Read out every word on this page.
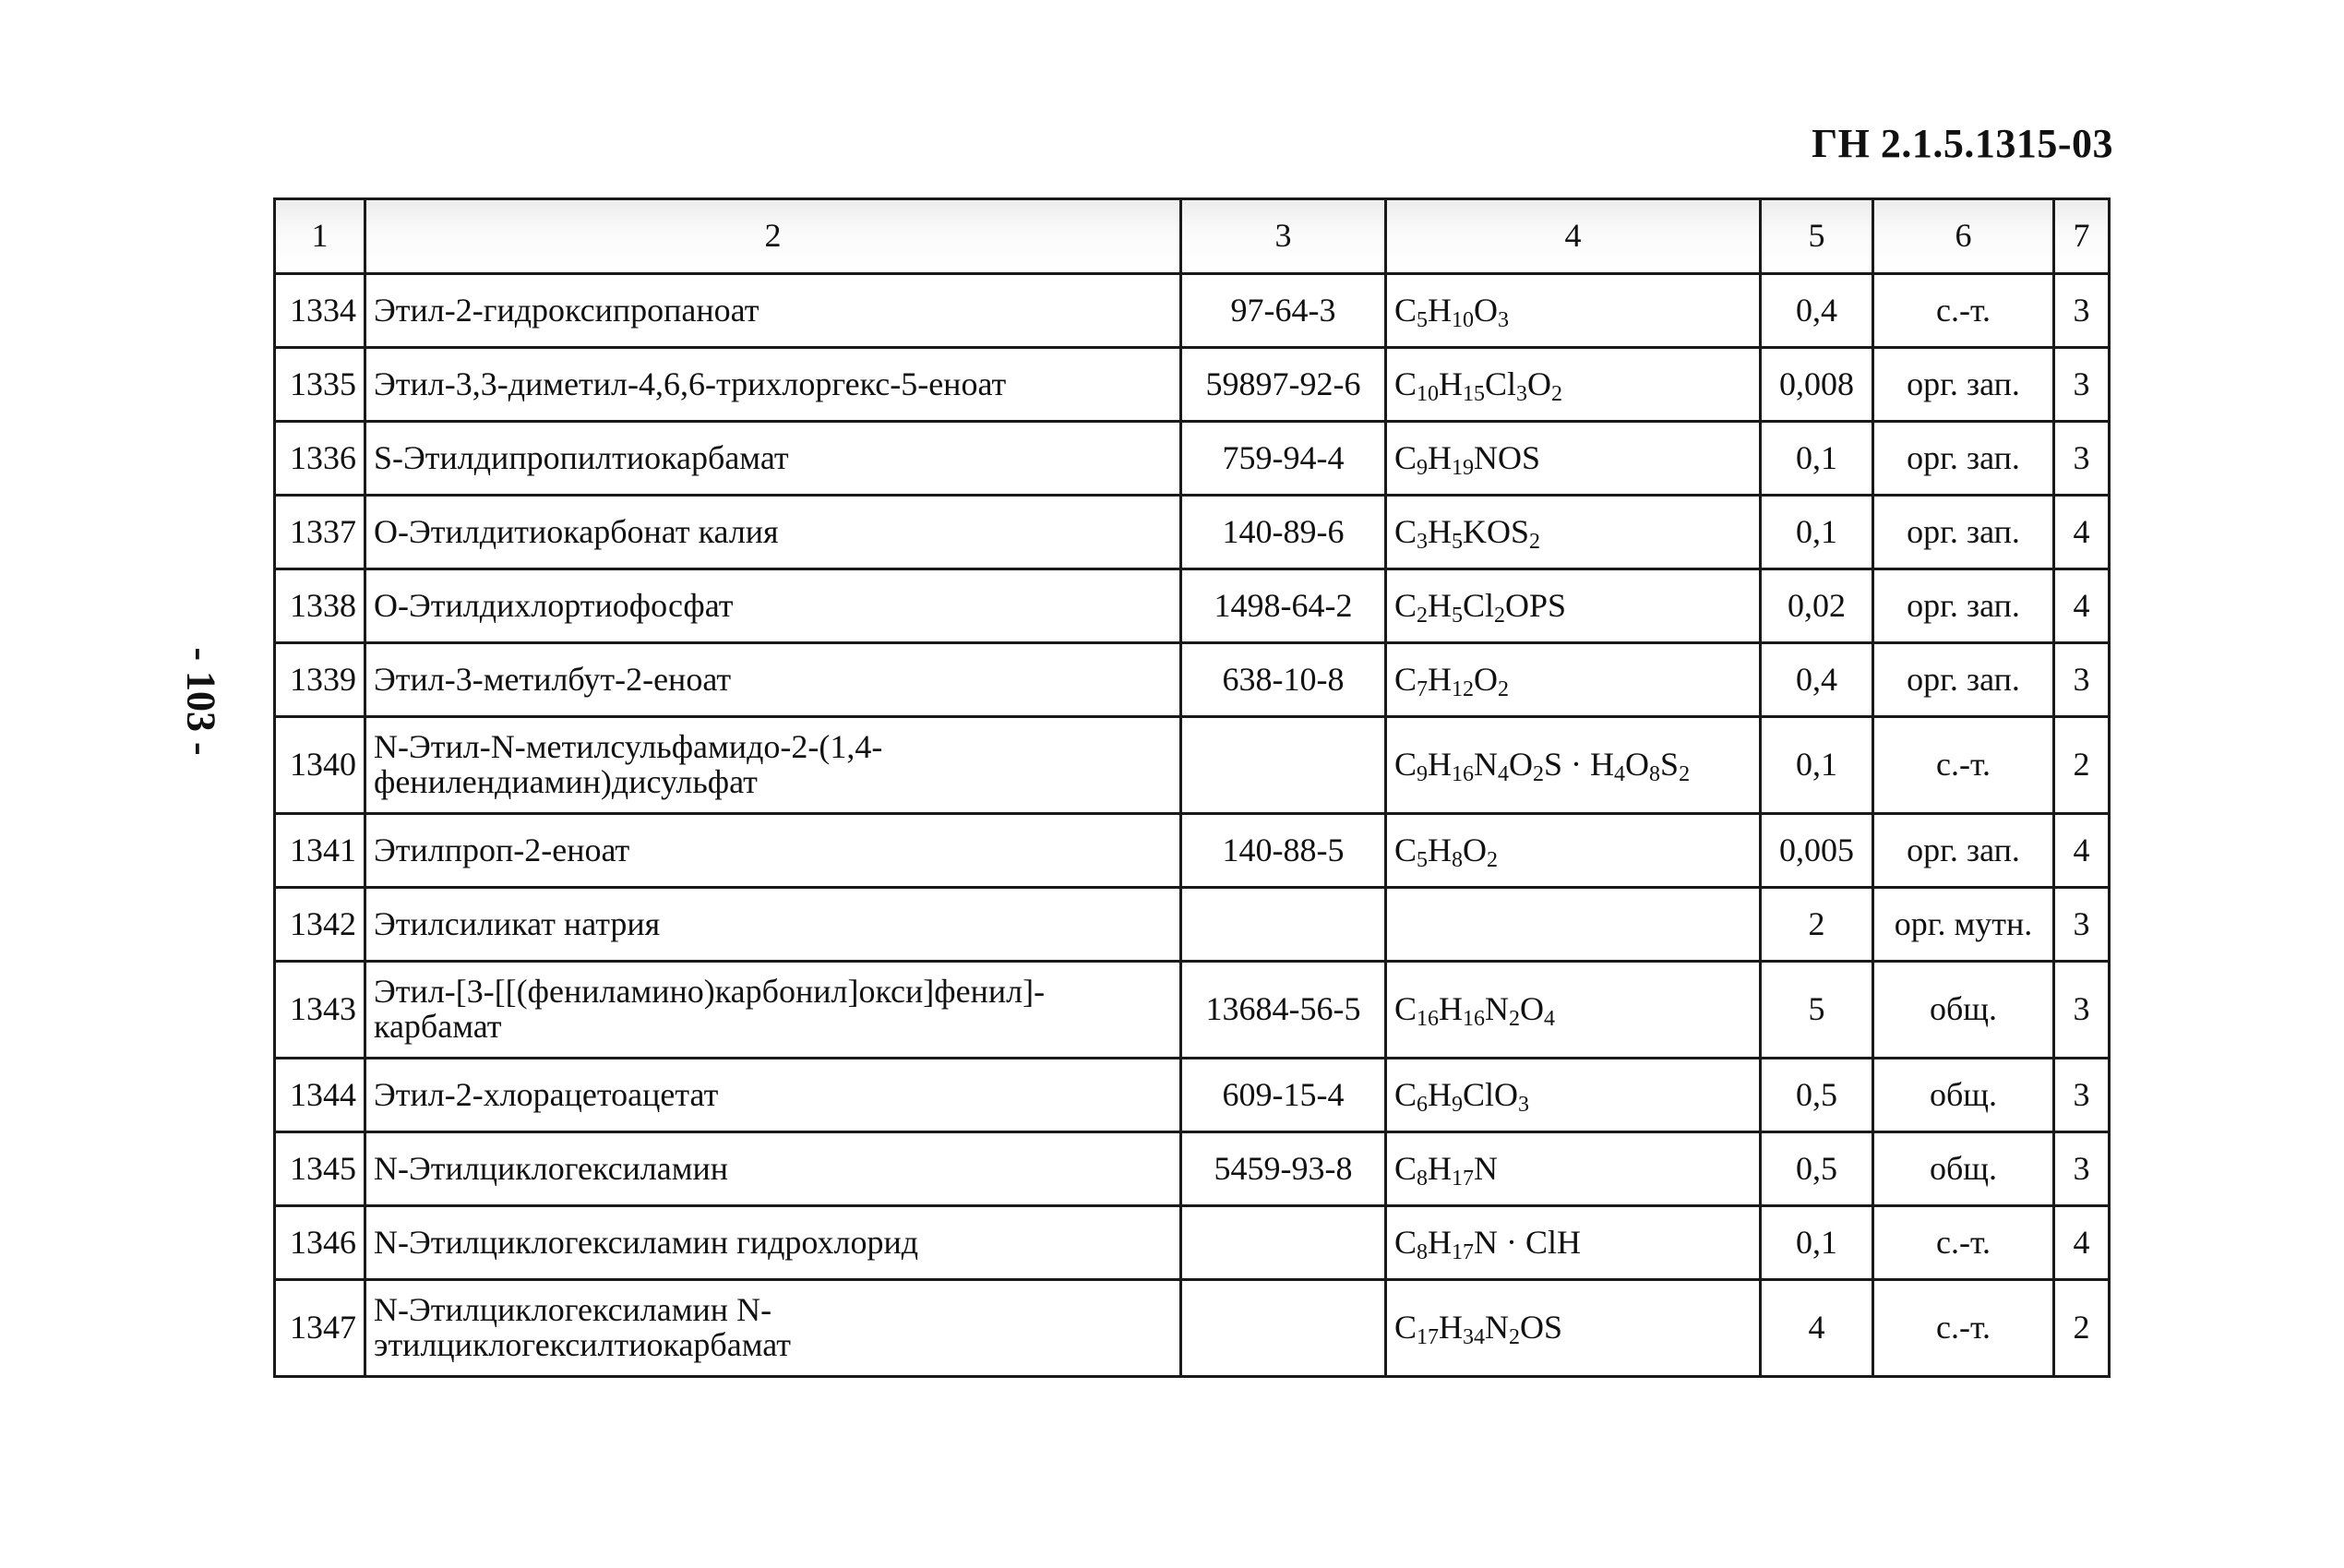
ГН 2.1.5.1315-03
- 103 -
1	2	3	4	5	6	7
1334	Этил-2-гидроксипропаноат	97-64-3	$C_5H_{10}O_3$	0,4	с.-т.	3
1335	Этил-3,3-диметил-4,6,6-трихлоргекс-5-еноат	59897-92-6	$C_{10}H_{15}Cl_3O_2$	0,008	орг. зап.	3
1336	S-Этилдипропилтиокарбамат	759-94-4	$C_9H_{19}NOS$	0,1	орг. зап.	3
1337	О-Этилдитиокарбонат калия	140-89-6	$C_3H_5KOS_2$	0,1	орг. зап.	4
1338	О-Этилдихлортиофосфат	1498-64-2	$C_2H_5Cl_2OPS$	0,02	орг. зап.	4
1339	Этил-3-метилбут-2-еноат	638-10-8	$C_7H_{12}O_2$	0,4	орг. зап.	3
1340	N-Этил-N-метилсульфамидо-2-(1,4-фенилендиамин)дисульфат		$C_9H_{16}N_4O_2S \cdot H_4O_8S_2$	0,1	с.-т.	2
1341	Этилпроп-2-еноат	140-88-5	$C_5H_8O_2$	0,005	орг. зап.	4
1342	Этилсиликат натрия			2	орг. мутн.	3
1343	Этил-[3-[[(фениламино)карбонил]окси]фенил]-карбамат	13684-56-5	$C_{16}H_{16}N_2O_4$	5	общ.	3
1344	Этил-2-хлорацетоацетат	609-15-4	$C_6H_9ClO_3$	0,5	общ.	3
1345	N-Этилциклогексиламин	5459-93-8	$C_8H_{17}N$	0,5	общ.	3
1346	N-Этилциклогексиламин гидрохлорид		$C_8H_{17}N$ · ClH	0,1	с.-т.	4
1347	N-Этилциклогексиламин N-этилциклогексилтиокарбамат		$C_{17}H_{34}N_2OS$	4	с.-т.	2
